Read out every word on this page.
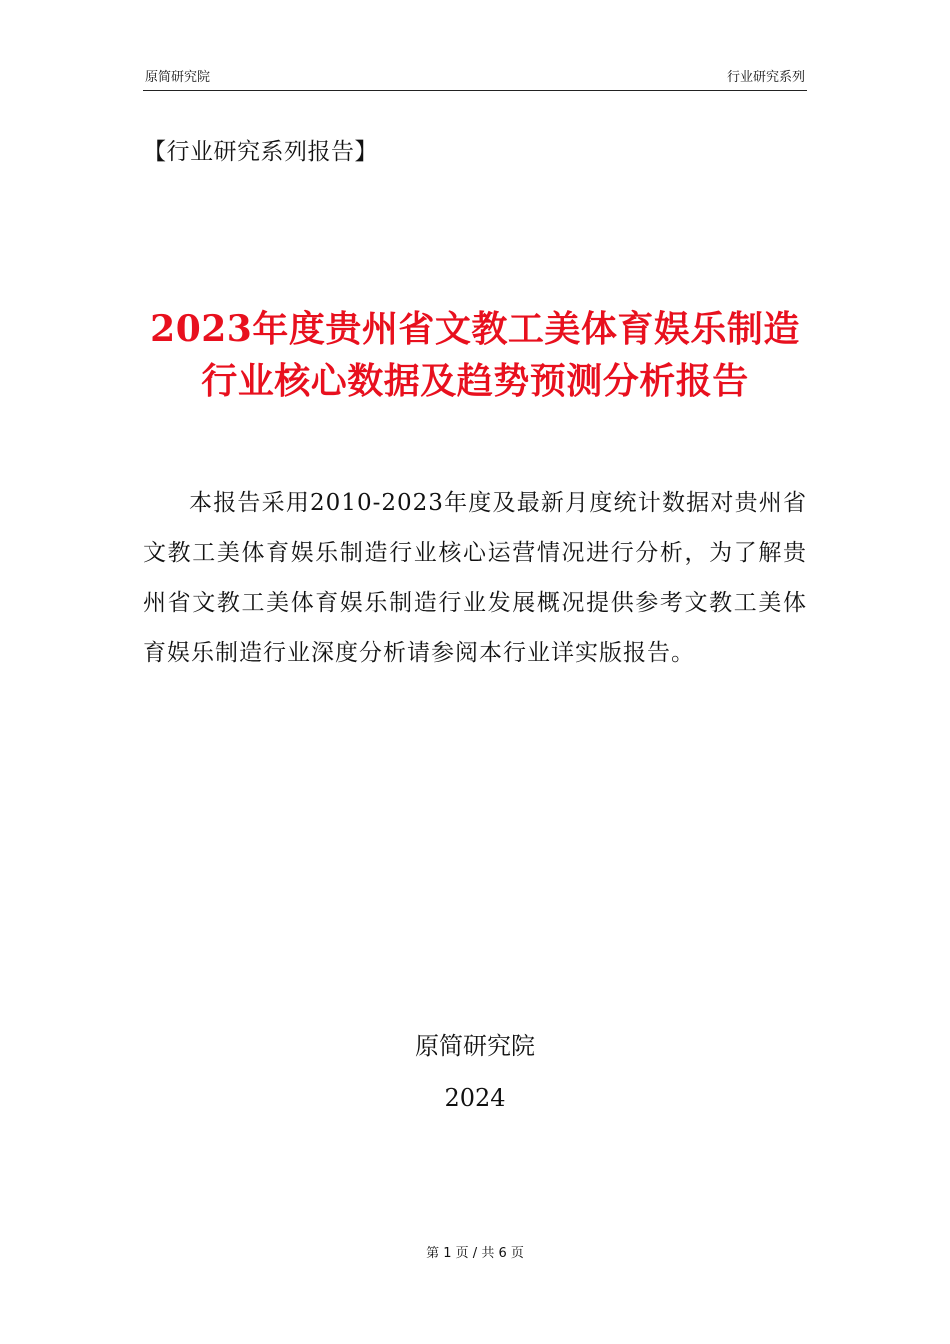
原简研究院	行业研究系列
【行业研究系列报告】
2023年度贵州省文教工美体育娱乐制造行业核心数据及趋势预测分析报告
本报告采用2010-2023年度及最新月度统计数据对贵州省文教工美体育娱乐制造行业核心运营情况进行分析，为了解贵州省文教工美体育娱乐制造行业发展概况提供参考文教工美体育娱乐制造行业深度分析请参阅本行业详实版报告。
原简研究院
2024
第 1 页 / 共 6 页
